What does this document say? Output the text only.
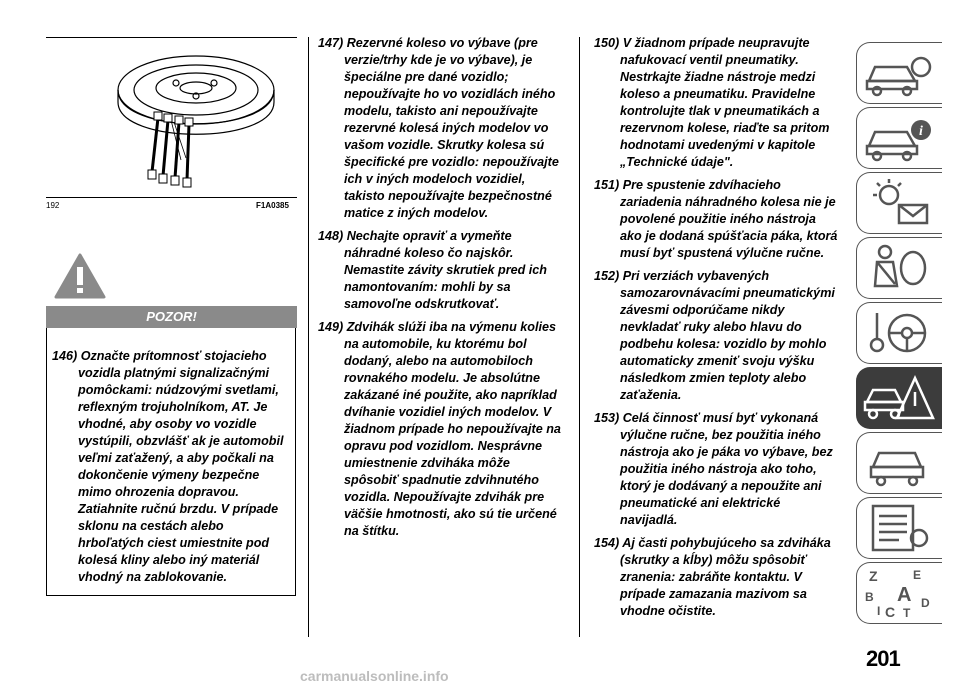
192	F1A0385
POZOR!
146) Označte prítomnosť stojacieho vozidla platnými signalizačnými pomôckami: núdzovými svetlami, reflexným trojuholníkom, AT. Je vhodné, aby osoby vo vozidle vystúpili, obzvlášť ak je automobil veľmi zaťažený, a aby počkali na dokončenie výmeny bezpečne mimo ohrozenia dopravou. Zatiahnite ručnú brzdu. V prípade sklonu na cestách alebo hrboľatých ciest umiestnite pod kolesá kliny alebo iný materiál vhodný na zablokovanie.
147) Rezervné koleso vo výbave (pre verzie/trhy kde je vo výbave), je špeciálne pre dané vozidlo; nepoužívajte ho vo vozidlách iného modelu, takisto ani nepoužívajte rezervné kolesá iných modelov vo vašom vozidle. Skrutky kolesa sú špecifické pre vozidlo: nepoužívajte ich v iných modeloch vozidiel, takisto nepoužívajte bezpečnostné matice z iných modelov.
148) Nechajte opraviť a vymeňte náhradné koleso čo najskôr. Nemastite závity skrutiek pred ich namontovaním: mohli by sa samovoľne odskrutkovať.
149) Zdvihák slúži iba na výmenu kolies na automobile, ku ktorému bol dodaný, alebo na automobiloch rovnakého modelu. Je absolútne zakázané iné použite, ako napríklad dvíhanie vozidiel iných modelov. V žiadnom prípade ho nepoužívajte na opravu pod vozidlom. Nesprávne umiestnenie zdviháka môže spôsobiť spadnutie zdvihnutého vozidla. Nepoužívajte zdvihák pre väčšie hmotnosti, ako sú tie určené na štítku.
150) V žiadnom prípade neupravujte nafukovací ventil pneumatiky. Nestrkajte žiadne nástroje medzi koleso a pneumatiku. Pravidelne kontrolujte tlak v pneumatikách a rezervnom kolese, riaďte sa pritom hodnotami uvedenými v kapitole „Technické údaje".
151) Pre spustenie zdvíhacieho zariadenia náhradného kolesa nie je povolené použitie iného nástroja ako je dodaná spúšťacia páka, ktorá musí byť spustená výlučne ručne.
152) Pri verziách vybavených samozarovnávacími pneumatickými závesmi odporúčame nikdy nevkladať ruky alebo hlavu do podbehu kolesa: vozidlo by mohlo automaticky zmeniť svoju výšku následkom zmien teploty alebo zaťaženia.
153) Celá činnosť musí byť vykonaná výlučne ručne, bez použitia iného nástroja ako je páka vo výbave, bez použitia iného nástroja ako toho, ktorý je dodávaný a nepoužite ani pneumatické ani elektrické navijadlá.
154) Aj časti pohybujúceho sa zdviháka (skrutky a kĺby) môžu spôsobiť zranenia: zabráňte kontaktu. V prípade zamazania mazivom sa vhodne očistite.
i
Z	E
B A D
I C T
201
carmanualsonline.info
